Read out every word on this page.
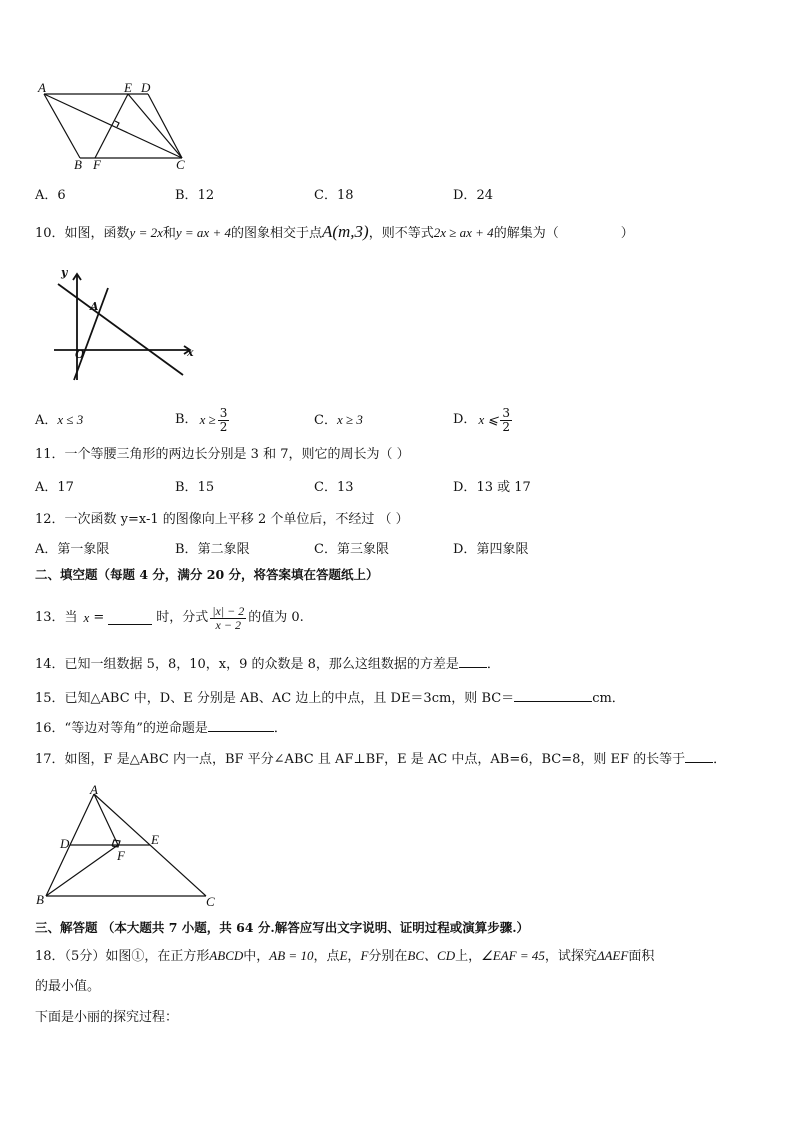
A	E D
B F	C
A．6	B．12	C．18	D．24
10．如图，函数y = 2x和y = ax + 4的图象相交于点A(m,3)，则不等式2x ≥ ax + 4的解集为（	）
y
A
O	x
A．x ≤ 3	B． $x \ge \frac{3}{2}$	C．x ≥ 3	D． x ⩽ $\frac{3}{2}$
11．一个等腰三角形的两边长分别是 3 和 7，则它的周长为（ ）
A．17	B．15	C．13	D．13 或 17
12．一次函数 y=x-1 的图像向上平移 2 个单位后，不经过 （ ）
A．第一象限	B．第二象限	C．第三象限	D．第四象限
二、填空题（每题 4 分，满分 20 分，将答案填在答题纸上）
13．当 x =	时，分式 $\frac{|x| - 2}{x - 2}$ 的值为 0.
14．已知一组数据 5，8，10，x，9 的众数是 8，那么这组数据的方差是 ．
15．已知△ABC 中，D、E 分别是 AB、AC 边上的中点，且 DE＝3cm，则 BC＝	cm．
16．“等边对等角”的逆命题是	．
17．如图，F 是△ABC 内一点，BF 平分∠ABC 且 AF⊥BF，E 是 AC 中点，AB=6，BC=8，则 EF 的长等于 ．
A
D	E
F
B	C
三、解答题 （本大题共 7 小题，共 64 分.解答应写出文字说明、证明过程或演算步骤.）
18．（5分）如图①，在正方形ABCD中，AB = 10，点E，F分别在BC、CD上，∠EAF = 45，试探究ΔAEF面积
的最小值。
下面是小丽的探究过程：
